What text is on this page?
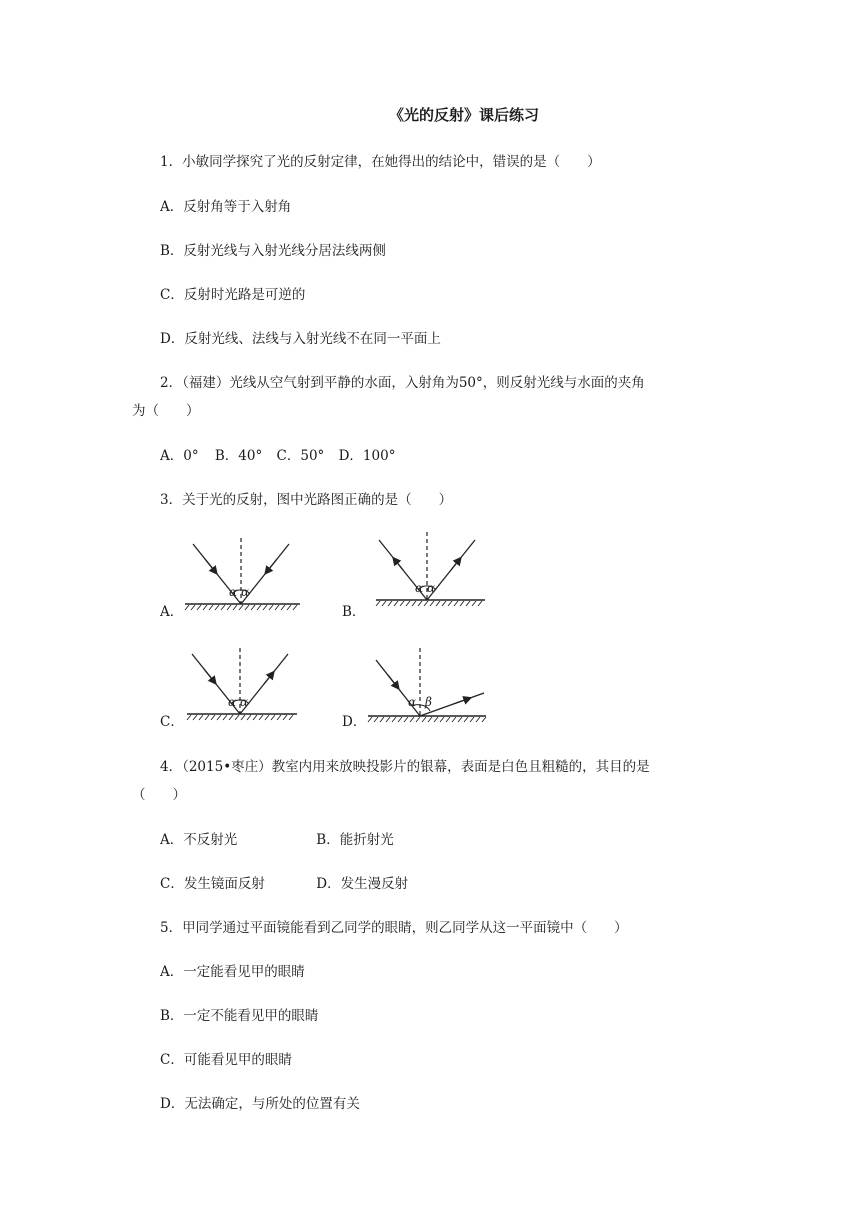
《光的反射》课后练习
1．小敏同学探究了光的反射定律，在她得出的结论中，错误的是（　　）
A．反射角等于入射角
B．反射光线与入射光线分居法线两侧
C．反射时光路是可逆的
D．反射光线、法线与入射光线不在同一平面上
2．（福建）光线从空气射到平静的水面，入射角为50°，则反射光线与水面的夹角
为（　　）
A．0° B．40° C．50° D．100°
3．关于光的反射，图中光路图正确的是（　　）
A．
α α
B．
α α
C．
α α
D．
α β
4．（2015•枣庄）教室内用来放映投影片的银幕，表面是白色且粗糙的，其目的是
（　　）
A．不反射光	B．能折射光
C．发生镜面反射	D．发生漫反射
5．甲同学通过平面镜能看到乙同学的眼睛，则乙同学从这一平面镜中（　　）
A．一定能看见甲的眼睛
B．一定不能看见甲的眼睛
C．可能看见甲的眼睛
D．无法确定，与所处的位置有关
